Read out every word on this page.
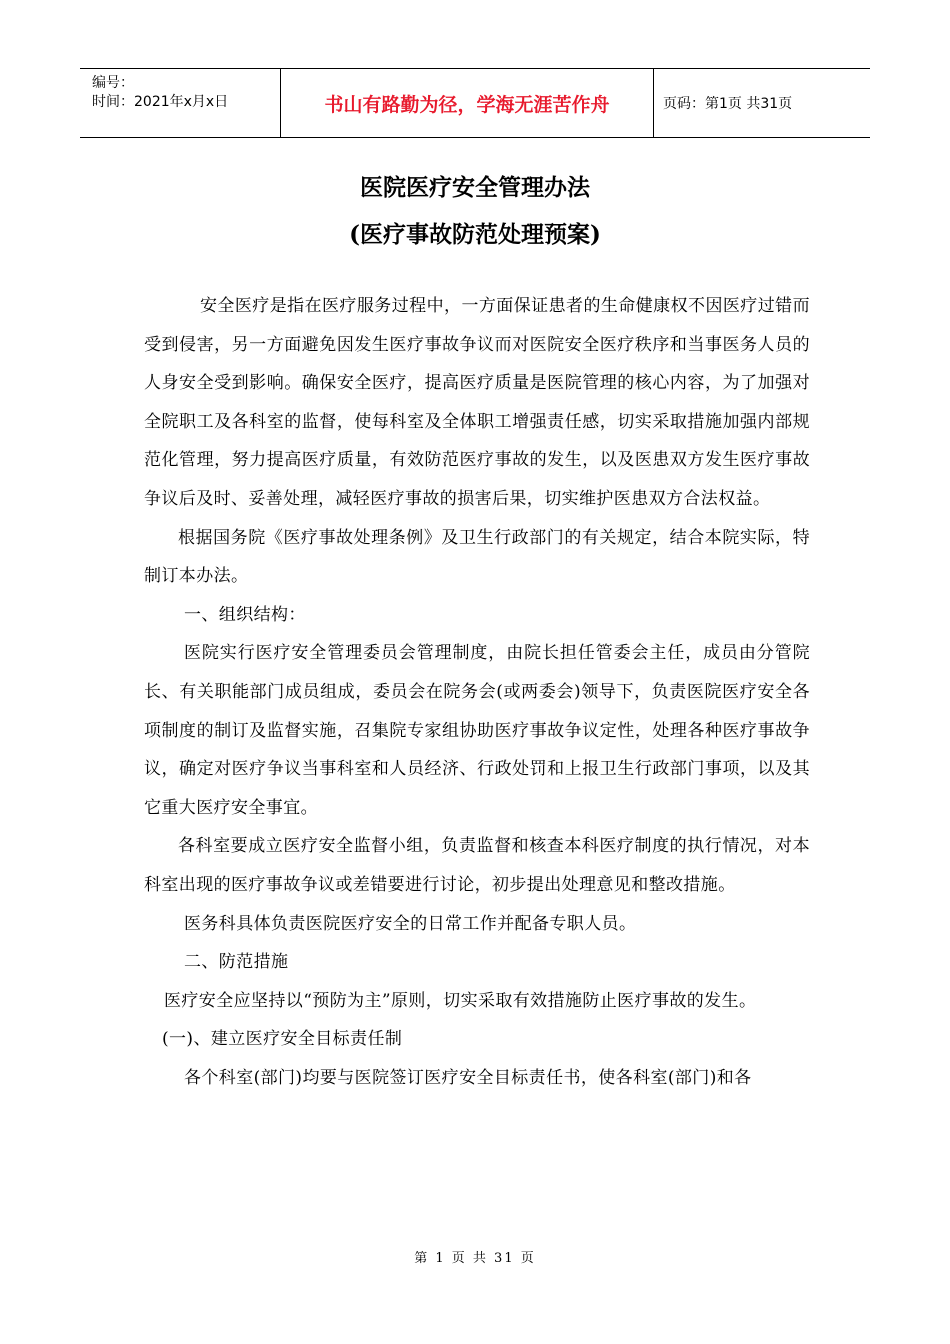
编号：
时间：2021年x月x日	书山有路勤为径，学海无涯苦作舟	页码：第1页 共31页
医院医疗安全管理办法
(医疗事故防范处理预案)

安全医疗是指在医疗服务过程中，一方面保证患者的生命健康权不因医疗过错而受到侵害，另一方面避免因发生医疗事故争议而对医院安全医疗秩序和当事医务人员的人身安全受到影响。确保安全医疗，提高医疗质量是医院管理的核心内容，为了加强对全院职工及各科室的监督，使每科室及全体职工增强责任感，切实采取措施加强内部规范化管理，努力提高医疗质量，有效防范医疗事故的发生，以及医患双方发生医疗事故争议后及时、妥善处理，减轻医疗事故的损害后果，切实维护医患双方合法权益。

根据国务院《医疗事故处理条例》及卫生行政部门的有关规定，结合本院实际，特制订本办法。

一、组织结构：

医院实行医疗安全管理委员会管理制度，由院长担任管委会主任，成员由分管院长、有关职能部门成员组成，委员会在院务会(或两委会)领导下，负责医院医疗安全各项制度的制订及监督实施，召集院专家组协助医疗事故争议定性，处理各种医疗事故争议，确定对医疗争议当事科室和人员经济、行政处罚和上报卫生行政部门事项，以及其它重大医疗安全事宜。

各科室要成立医疗安全监督小组，负责监督和核查本科医疗制度的执行情况，对本科室出现的医疗事故争议或差错要进行讨论，初步提出处理意见和整改措施。

医务科具体负责医院医疗安全的日常工作并配备专职人员。

二、防范措施

医疗安全应坚持以“预防为主”原则，切实采取有效措施防止医疗事故的发生。

(一)、建立医疗安全目标责任制

各个科室(部门)均要与医院签订医疗安全目标责任书，使各科室(部门)和各

第 1 页 共 31 页
